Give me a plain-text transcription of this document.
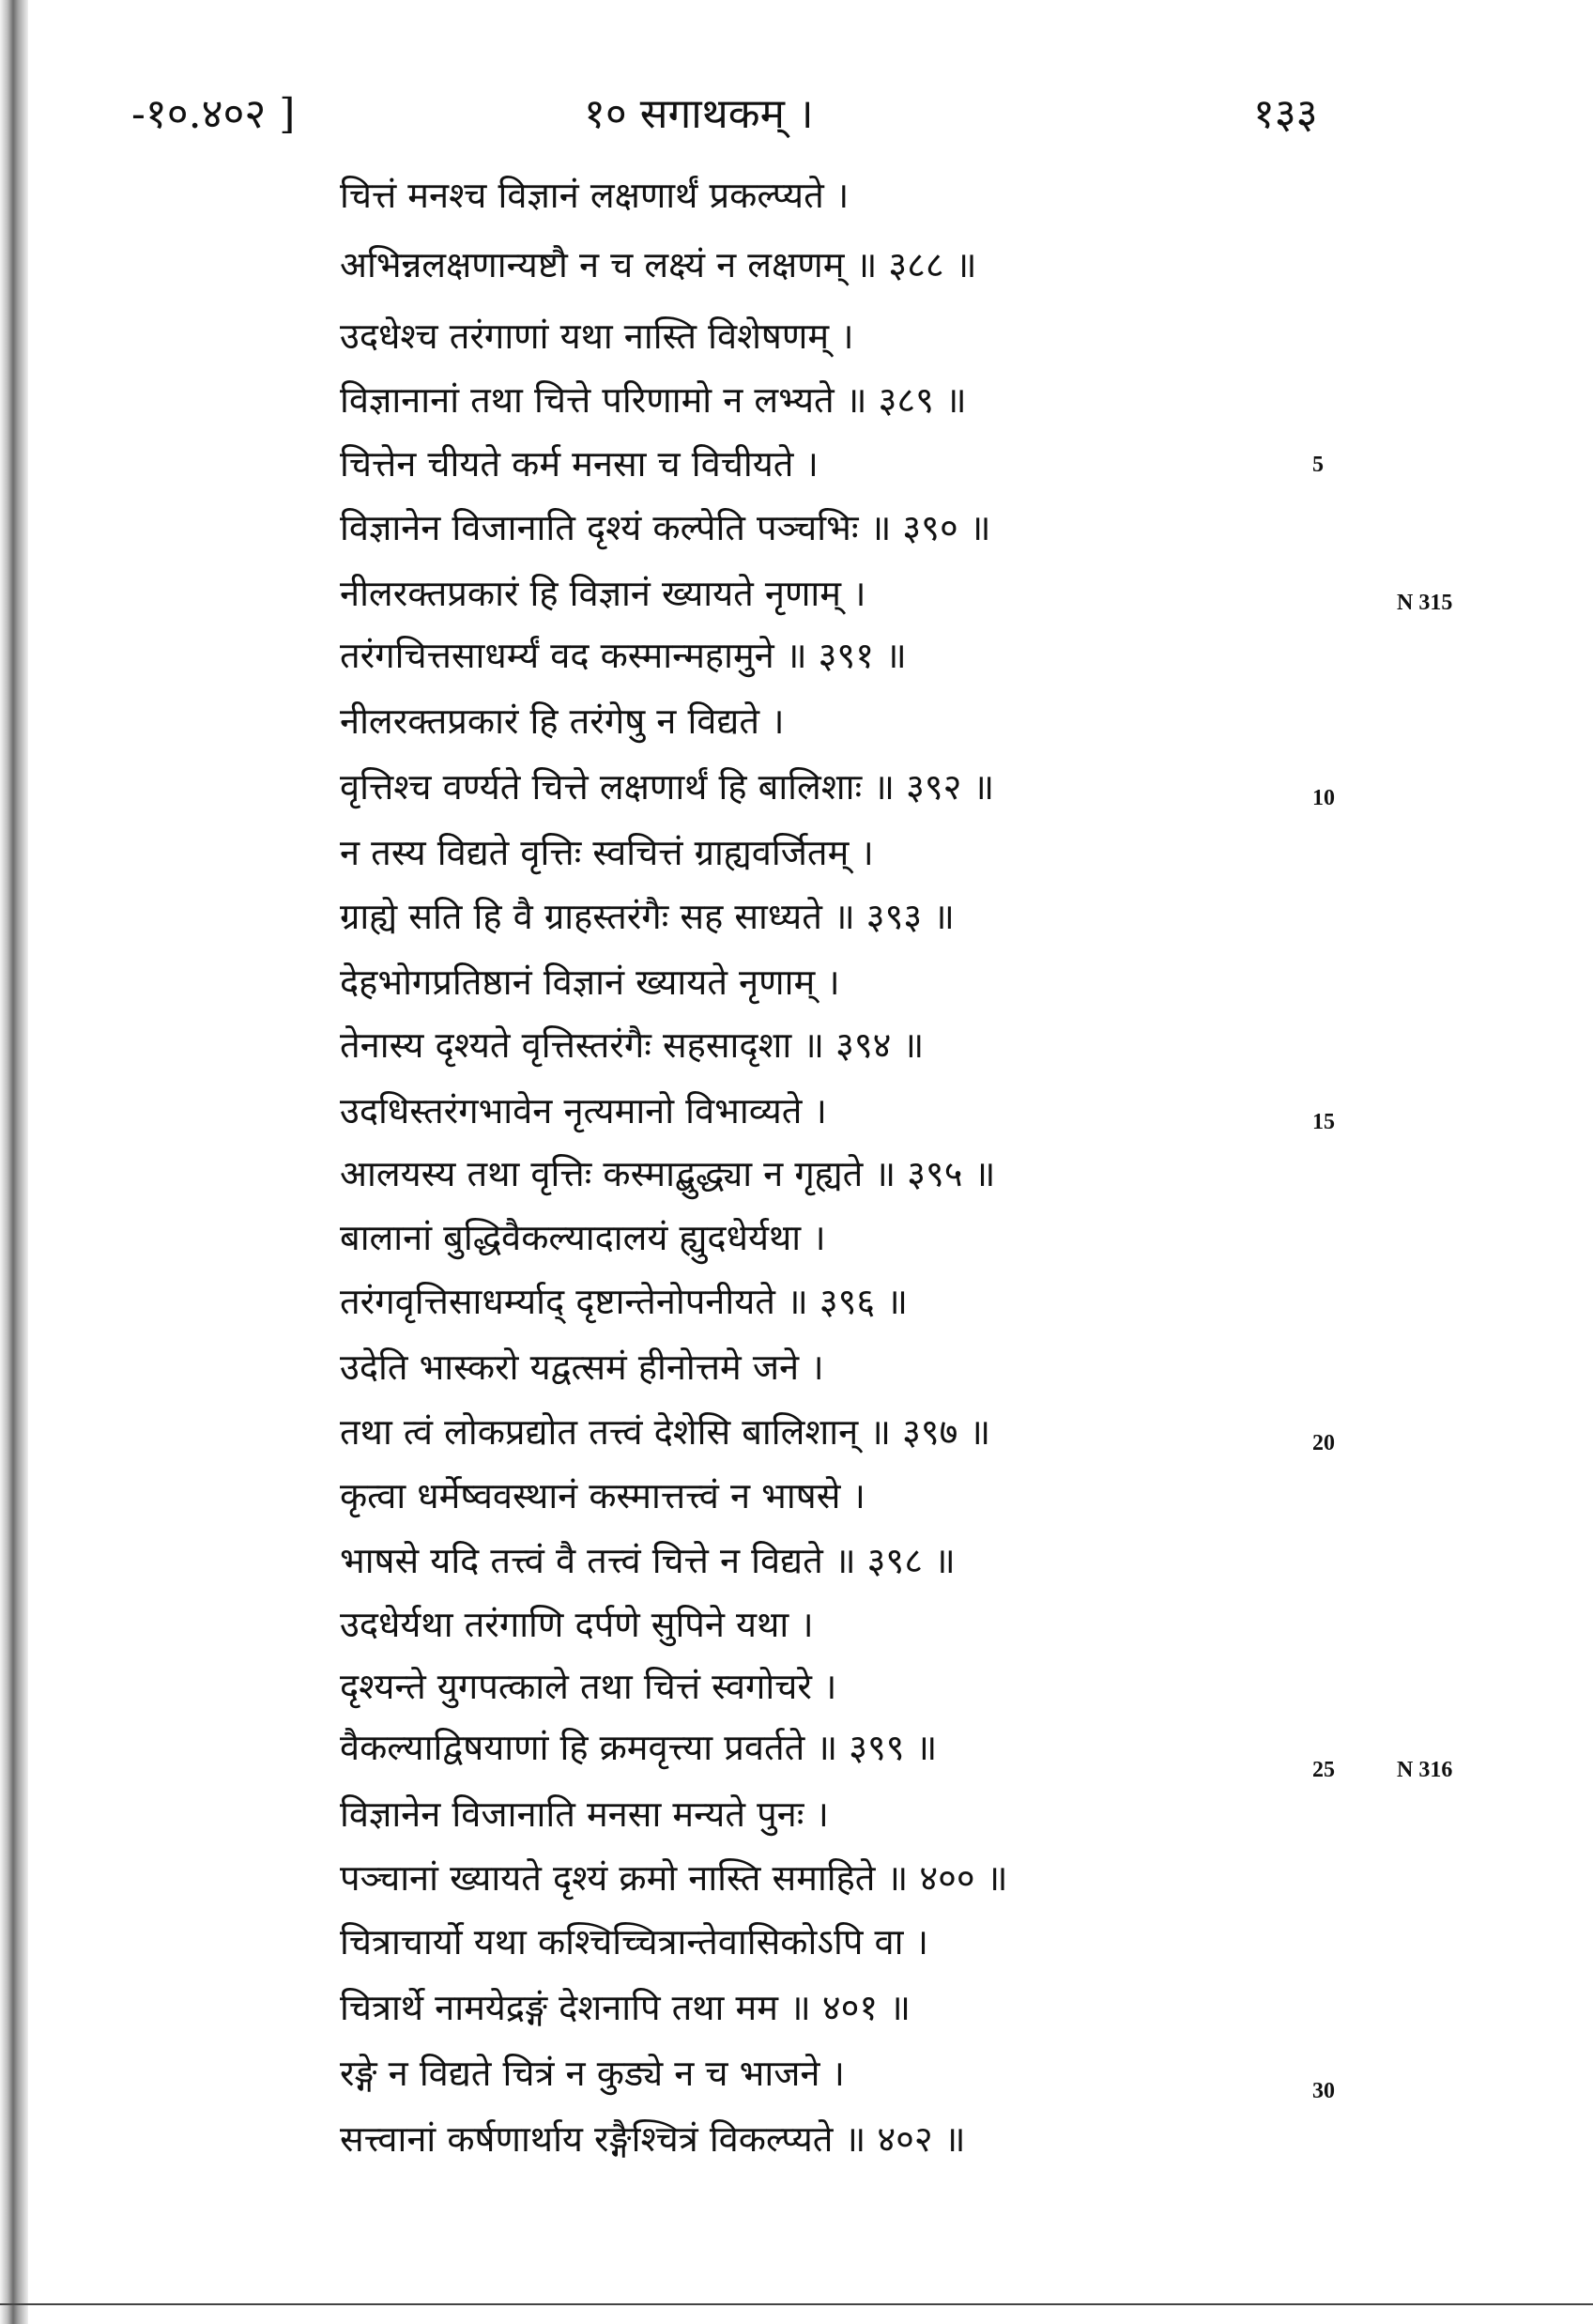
-१०.४०२ ]	१० सगाथकम् ।	१३३
चित्तं मनश्च विज्ञानं लक्षणार्थं प्रकल्प्यते ।
अभिन्नलक्षणान्यष्टौ न च लक्ष्यं न लक्षणम् ॥ ३८८ ॥
उदधेश्च तरंगाणां यथा नास्ति विशेषणम् ।
विज्ञानानां तथा चित्ते परिणामो न लभ्यते ॥ ३८९ ॥
चित्तेन चीयते कर्म मनसा च विचीयते ।
विज्ञानेन विजानाति दृश्यं कल्पेति पञ्चभिः ॥ ३९० ॥
नीलरक्तप्रकारं हि विज्ञानं ख्यायते नृणाम् ।
तरंगचित्तसाधर्म्यं वद कस्मान्महामुने ॥ ३९१ ॥
नीलरक्तप्रकारं हि तरंगेषु न विद्यते ।
वृत्तिश्च वर्ण्यते चित्ते लक्षणार्थं हि बालिशाः ॥ ३९२ ॥
न तस्य विद्यते वृत्तिः स्वचित्तं ग्राह्यवर्जितम् ।
ग्राह्ये सति हि वै ग्राहस्तरंगैः सह साध्यते ॥ ३९३ ॥
देहभोगप्रतिष्ठानं विज्ञानं ख्यायते नृणाम् ।
तेनास्य दृश्यते वृत्तिस्तरंगैः सहसादृशा ॥ ३९४ ॥
उदधिस्तरंगभावेन नृत्यमानो विभाव्यते ।
आलयस्य तथा वृत्तिः कस्माद्बुद्ध्या न गृह्यते ॥ ३९५ ॥
बालानां बुद्धिवैकल्यादालयं ह्युदधेर्यथा ।
तरंगवृत्तिसाधर्म्याद् दृष्टान्तेनोपनीयते ॥ ३९६ ॥
उदेति भास्करो यद्वत्समं हीनोत्तमे जने ।
तथा त्वं लोकप्रद्योत तत्त्वं देशेसि बालिशान् ॥ ३९७ ॥
कृत्वा धर्मेष्ववस्थानं कस्मात्तत्त्वं न भाषसे ।
भाषसे यदि तत्त्वं वै तत्त्वं चित्ते न विद्यते ॥ ३९८ ॥
उदधेर्यथा तरंगाणि दर्पणे सुपिने यथा ।
दृश्यन्ते युगपत्काले तथा चित्तं स्वगोचरे ।
वैकल्याद्विषयाणां हि क्रमवृत्त्या प्रवर्तते ॥ ३९९ ॥
विज्ञानेन विजानाति मनसा मन्यते पुनः ।
पञ्चानां ख्यायते दृश्यं क्रमो नास्ति समाहिते ॥ ४०० ॥
चित्राचार्यो यथा कश्चिच्चित्रान्तेवासिकोऽपि वा ।
चित्रार्थे नामयेद्रङ्गं देशनापि तथा मम ॥ ४०१ ॥
रङ्गे न विद्यते चित्रं न कुड्ये न च भाजने ।
सत्त्वानां कर्षणार्थाय रङ्गैश्चित्रं विकल्प्यते ॥ ४०२ ॥
5
10
15
20
25
30
N 315
N 316
